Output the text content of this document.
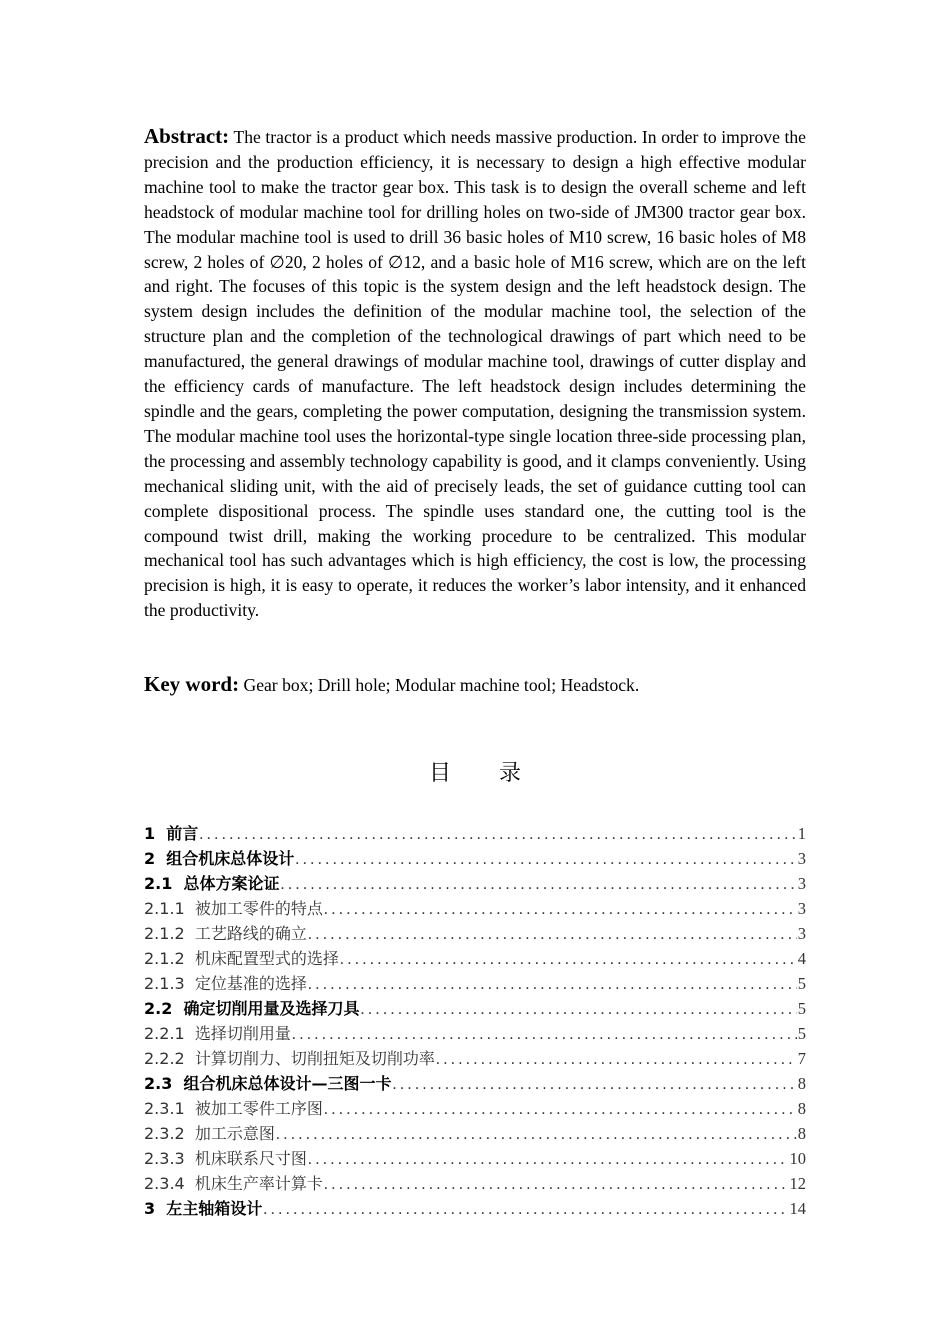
Abstract: The tractor is a product which needs massive production. In order to improve the precision and the production efficiency, it is necessary to design a high effective modular machine tool to make the tractor gear box. This task is to design the overall scheme and left headstock of modular machine tool for drilling holes on two-side of JM300 tractor gear box. The modular machine tool is used to drill 36 basic holes of M10 screw, 16 basic holes of M8 screw, 2 holes of ∅20, 2 holes of ∅12, and a basic hole of M16 screw, which are on the left and right. The focuses of this topic is the system design and the left headstock design. The system design includes the definition of the modular machine tool, the selection of the structure plan and the completion of the technological drawings of part which need to be manufactured, the general drawings of modular machine tool, drawings of cutter display and the efficiency cards of manufacture. The left headstock design includes determining the spindle and the gears, completing the power computation, designing the transmission system. The modular machine tool uses the horizontal-type single location three-side processing plan, the processing and assembly technology capability is good, and it clamps conveniently. Using mechanical sliding unit, with the aid of precisely leads, the set of guidance cutting tool can complete dispositional process. The spindle uses standard one, the cutting tool is the compound twist drill, making the working procedure to be centralized. This modular mechanical tool has such advantages which is high efficiency, the cost is low, the processing precision is high, it is easy to operate, it reduces the worker’s labor intensity, and it enhanced the productivity.

Key word: Gear box; Drill hole; Modular machine tool; Headstock.

目录
1 前言 .....	1
2 组合机床总体设计 .....	3
2.1 总体方案论证 .....	3
2.1.1 被加工零件的特点 .....	3
2.1.2 工艺路线的确立 .....	3
2.1.2 机床配置型式的选择 .....	4
2.1.3 定位基准的选择 .....	5
2.2 确定切削用量及选择刀具 .....	5
2.2.1 选择切削用量 .....	5
2.2.2 计算切削力、切削扭矩及切削功率 .....	7
2.3 组合机床总体设计—三图一卡 .....	8
2.3.1 被加工零件工序图 .....	8
2.3.2 加工示意图 .....	8
2.3.3 机床联系尺寸图 .....	10
2.3.4 机床生产率计算卡 .....	12
3 左主轴箱设计 .....	14
